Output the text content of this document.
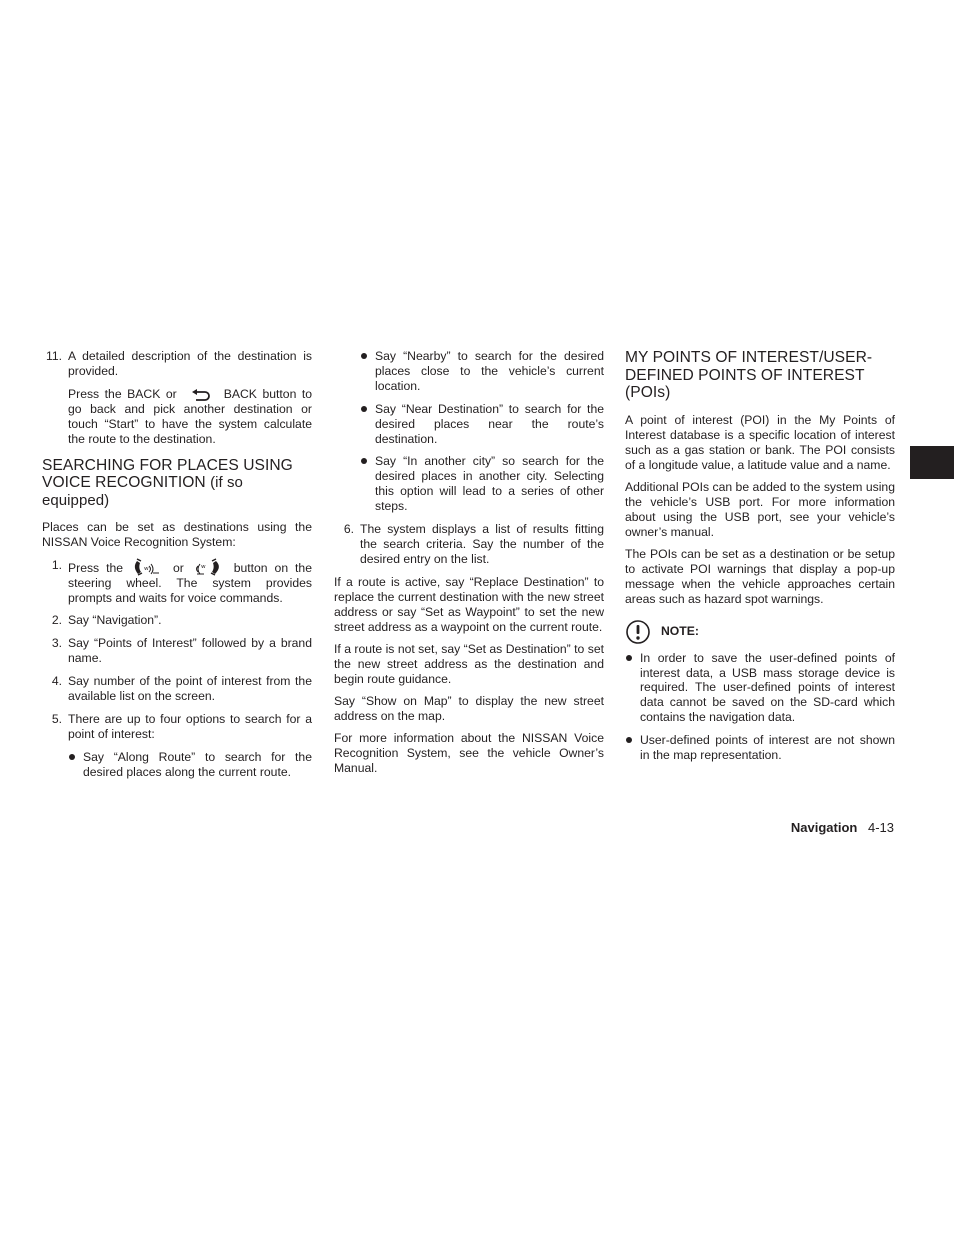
11. A detailed description of the destination is provided.
Press the BACK or	BACK button to go back and pick another destination or touch “Start” to have the system calculate the route to the destination.
SEARCHING FOR PLACES USING VOICE RECOGNITION (if so equipped)

Places can be set as destinations using the NISSAN Voice Recognition System:

1. Press the ʷ or ʷ button on the steering wheel. The system provides prompts and waits for voice commands.
2. Say “Navigation”.
3. Say “Points of Interest” followed by a brand name.
4. Say number of the point of interest from the available list on the screen.
5. There are up to four options to search for a point of interest:
Say “Along Route” to search for the desired places along the current route.
Say “Nearby” to search for the desired places close to the vehicle’s current location.
Say “Near Destination” to search for the desired places near the route’s destination.
Say “In another city” so search for the desired places in another city. Selecting this option will lead to a series of other steps.
6. The system displays a list of results fitting the search criteria. Say the number of the desired entry on the list.

If a route is active, say “Replace Destination” to replace the current destination with the new street address or say “Set as Waypoint” to set the new street address as a waypoint on the current route.

If a route is not set, say “Set as Destination” to set the new street address as the destination and begin route guidance.

Say “Show on Map” to display the new street address on the map.

For more information about the NISSAN Voice Recognition System, see the vehicle Owner’s Manual.

MY POINTS OF INTEREST/USER-DEFINED POINTS OF INTEREST (POIs)

A point of interest (POI) in the My Points of Interest database is a specific location of interest such as a gas station or bank. The POI consists of a longitude value, a latitude value and a name.

Additional POIs can be added to the system using the vehicle’s USB port. For more information about using the USB port, see your vehicle’s owner’s manual.

The POIs can be set as a destination or be setup to activate POI warnings that display a pop-up message when the vehicle approaches certain areas such as hazard spot warnings.

NOTE:
In order to save the user-defined points of interest data, a USB mass storage device is required. The user-defined points of interest data cannot be saved on the SD-card which contains the navigation data.
User-defined points of interest are not shown in the map representation.
Navigation 4-13
